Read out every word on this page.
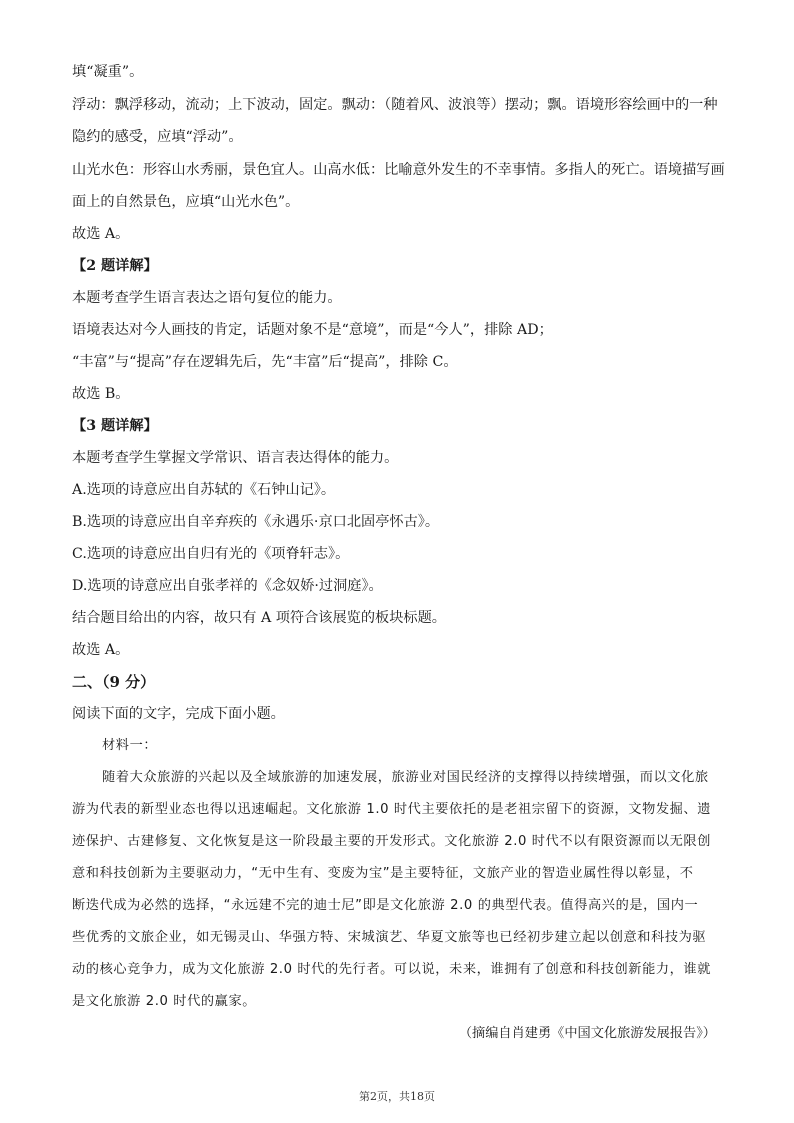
填“凝重”。
浮动：飘浮移动，流动；上下波动，固定。飘动：（随着风、波浪等）摆动；飘。语境形容绘画中的一种
隐约的感受，应填“浮动”。
山光水色：形容山水秀丽，景色宜人。山高水低：比喻意外发生的不幸事情。多指人的死亡。语境描写画
面上的自然景色，应填“山光水色”。
故选 A。
【2 题详解】
本题考查学生语言表达之语句复位的能力。
语境表达对今人画技的肯定，话题对象不是“意境”，而是“今人”，排除 AD；
“丰富”与“提高”存在逻辑先后，先“丰富”后“提高”，排除 C。
故选 B。
【3 题详解】
本题考查学生掌握文学常识、语言表达得体的能力。
A.选项的诗意应出自苏轼的《石钟山记》。
B.选项的诗意应出自辛弃疾的《永遇乐·京口北固亭怀古》。
C.选项的诗意应出自归有光的《项脊轩志》。
D.选项的诗意应出自张孝祥的《念奴娇·过洞庭》。
结合题目给出的内容，故只有 A 项符合该展览的板块标题。
故选 A。
二、（9 分）
阅读下面的文字，完成下面小题。
材料一：
随着大众旅游的兴起以及全域旅游的加速发展，旅游业对国民经济的支撑得以持续增强，而以文化旅
游为代表的新型业态也得以迅速崛起。文化旅游 1.0 时代主要依托的是老祖宗留下的资源，文物发掘、遗
迹保护、古建修复、文化恢复是这一阶段最主要的开发形式。文化旅游 2.0 时代不以有限资源而以无限创
意和科技创新为主要驱动力，“无中生有、变废为宝”是主要特征，文旅产业的智造业属性得以彰显，不
断迭代成为必然的选择，“永远建不完的迪士尼”即是文化旅游 2.0 的典型代表。值得高兴的是，国内一
些优秀的文旅企业，如无锡灵山、华强方特、宋城演艺、华夏文旅等也已经初步建立起以创意和科技为驱
动的核心竞争力，成为文化旅游 2.0 时代的先行者。可以说，未来，谁拥有了创意和科技创新能力，谁就
是文化旅游 2.0 时代的赢家。
（摘编自肖建勇《中国文化旅游发展报告》）
第2页，共18页
